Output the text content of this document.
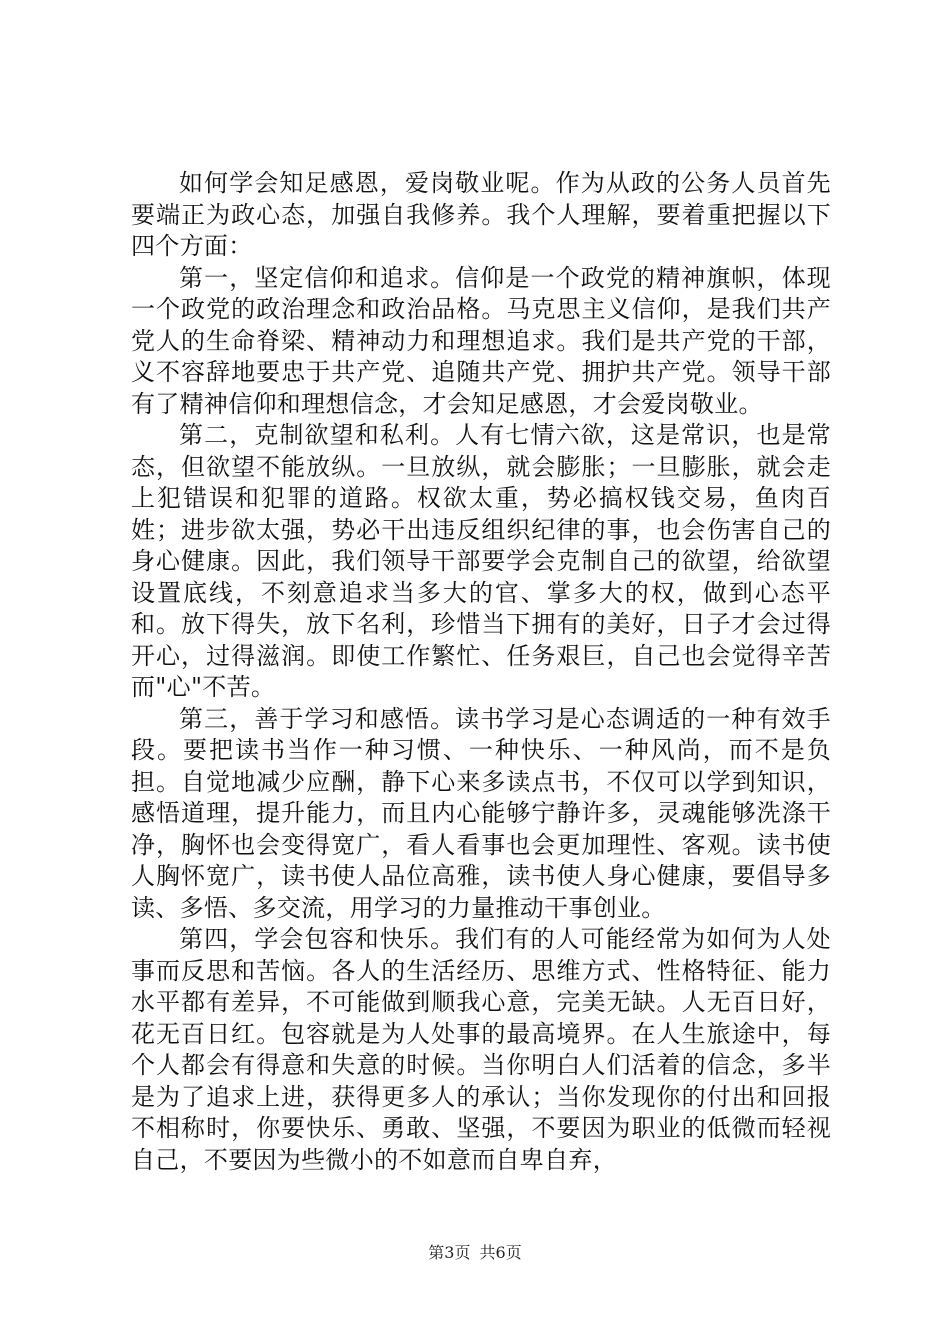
如何学会知足感恩，爱岗敬业呢。作为从政的公务人员首先要端正为政心态，加强自我修养。我个人理解，要着重把握以下四个方面：

第一，坚定信仰和追求。信仰是一个政党的精神旗帜，体现一个政党的政治理念和政治品格。马克思主义信仰，是我们共产党人的生命脊梁、精神动力和理想追求。我们是共产党的干部，义不容辞地要忠于共产党、追随共产党、拥护共产党。领导干部有了精神信仰和理想信念，才会知足感恩，才会爱岗敬业。

第二，克制欲望和私利。人有七情六欲，这是常识，也是常态，但欲望不能放纵。一旦放纵，就会膨胀；一旦膨胀，就会走上犯错误和犯罪的道路。权欲太重，势必搞权钱交易，鱼肉百姓；进步欲太强，势必干出违反组织纪律的事，也会伤害自己的身心健康。因此，我们领导干部要学会克制自己的欲望，给欲望设置底线，不刻意追求当多大的官、掌多大的权，做到心态平和。放下得失，放下名利，珍惜当下拥有的美好，日子才会过得开心，过得滋润。即使工作繁忙、任务艰巨，自己也会觉得辛苦而"心"不苦。

第三，善于学习和感悟。读书学习是心态调适的一种有效手段。要把读书当作一种习惯、一种快乐、一种风尚，而不是负担。自觉地减少应酬，静下心来多读点书，不仅可以学到知识，感悟道理，提升能力，而且内心能够宁静许多，灵魂能够洗涤干净，胸怀也会变得宽广，看人看事也会更加理性、客观。读书使人胸怀宽广，读书使人品位高雅，读书使人身心健康，要倡导多读、多悟、多交流，用学习的力量推动干事创业。

第四，学会包容和快乐。我们有的人可能经常为如何为人处事而反思和苦恼。各人的生活经历、思维方式、性格特征、能力水平都有差异，不可能做到顺我心意，完美无缺。人无百日好，花无百日红。包容就是为人处事的最高境界。在人生旅途中，每个人都会有得意和失意的时候。当你明白人们活着的信念，多半是为了追求上进，获得更多人的承认；当你发现你的付出和回报不相称时，你要快乐、勇敢、坚强，不要因为职业的低微而轻视自己，不要因为些微小的不如意而自卑自弃，

第3页 共6页
